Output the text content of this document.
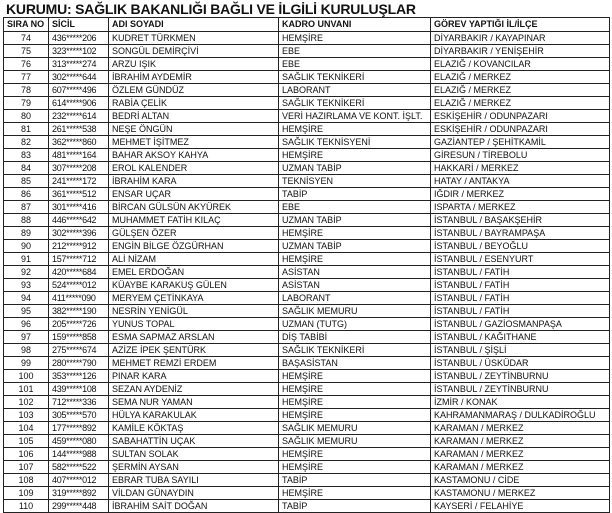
KURUMU: SAĞLIK BAKANLIĞI BAĞLI VE İLGİLİ KURULUŞLAR
SIRA NO	SİCİL	ADI SOYADI	KADRO UNVANI	GÖREV YAPTIĞI İL/İLÇE
74	436*****206	KUDRET TÜRKMEN	HEMŞİRE	DİYARBAKIR / KAYAPINAR
75	323*****102	SONGÜL DEMİRÇİVİ	EBE	DİYARBAKIR / YENİŞEHİR
76	313*****274	ARZU IŞIK	EBE	ELAZIĞ / KOVANCILAR
77	302*****644	İBRAHİM AYDEMİR	SAĞLIK TEKNİKERİ	ELAZIĞ / MERKEZ
78	607*****496	ÖZLEM GÜNDÜZ	LABORANT	ELAZIĞ / MERKEZ
79	614*****906	RABİA ÇELİK	SAĞLIK TEKNİKERİ	ELAZIĞ / MERKEZ
80	232*****614	BEDRİ ALTAN	VERİ HAZIRLAMA VE KONT. İŞLT.	ESKİŞEHİR / ODUNPAZARI
81	261*****538	NEŞE ÖNGÜN	HEMŞİRE	ESKİŞEHİR / ODUNPAZARI
82	362*****860	MEHMET İŞİTMEZ	SAĞLIK TEKNİSYENİ	GAZİANTEP / ŞEHİTKAMİL
83	481*****164	BAHAR AKSOY KAHYA	HEMŞİRE	GİRESUN / TİREBOLU
84	307*****208	EROL KALENDER	UZMAN TABİP	HAKKARİ / MERKEZ
85	241*****172	İBRAHİM KARA	TEKNİSYEN	HATAY / ANTAKYA
86	361*****512	ENSAR UÇAR	TABİP	IĞDIR / MERKEZ
87	301*****416	BİRCAN GÜLSÜN AKYÜREK	EBE	ISPARTA / MERKEZ
88	446*****642	MUHAMMET FATİH KILAÇ	UZMAN TABİP	İSTANBUL / BAŞAKŞEHİR
89	302*****396	GÜLŞEN ÖZER	HEMŞİRE	İSTANBUL / BAYRAMPAŞA
90	212*****912	ENGİN BİLGE ÖZGÜRHAN	UZMAN TABİP	İSTANBUL / BEYOĞLU
91	157*****712	ALİ NİZAM	HEMŞİRE	İSTANBUL / ESENYURT
92	420*****684	EMEL ERDOĞAN	ASİSTAN	İSTANBUL / FATİH
93	524*****012	KÜAYBE KARAKUŞ GÜLEN	ASİSTAN	İSTANBUL / FATİH
94	411*****090	MERYEM ÇETİNKAYA	LABORANT	İSTANBUL / FATİH
95	382*****190	NESRİN YENİGÜL	SAĞLIK MEMURU	İSTANBUL / FATİH
96	205*****726	YUNUS TOPAL	UZMAN (TUTG)	İSTANBUL / GAZİOSMANPAŞA
97	159*****858	ESMA SAPMAZ ARSLAN	DİŞ TABİBİ	İSTANBUL / KAĞITHANE
98	275*****674	AZİZE İPEK ŞENTÜRK	SAĞLIK TEKNİKERİ	İSTANBUL / ŞİŞLİ
99	280*****790	MEHMET REMZİ ERDEM	BAŞASİSTAN	İSTANBUL / ÜSKÜDAR
100	353*****126	PINAR KARA	HEMŞİRE	İSTANBUL / ZEYTİNBURNU
101	439*****108	SEZAN AYDENİZ	HEMŞİRE	İSTANBUL / ZEYTİNBURNU
102	712*****336	SEMA NUR YAMAN	HEMŞİRE	İZMİR / KONAK
103	305*****570	HÜLYA KARAKULAK	HEMŞİRE	KAHRAMANMARAŞ / DULKADİROĞLU
104	177*****892	KAMİLE KÖKTAŞ	SAĞLIK MEMURU	KARAMAN / MERKEZ
105	459*****080	SABAHATTİN UÇAK	SAĞLIK MEMURU	KARAMAN / MERKEZ
106	144*****988	SULTAN SOLAK	HEMŞİRE	KARAMAN / MERKEZ
107	582*****522	ŞERMİN AYSAN	HEMŞİRE	KARAMAN / MERKEZ
108	407*****012	EBRAR TUBA SAYILI	TABİP	KASTAMONU / CİDE
109	319*****892	VİLDAN GÜNAYDIN	HEMŞİRE	KASTAMONU / MERKEZ
110	299*****448	İBRAHİM SAİT DOĞAN	TABİP	KAYSERİ / FELAHİYE
